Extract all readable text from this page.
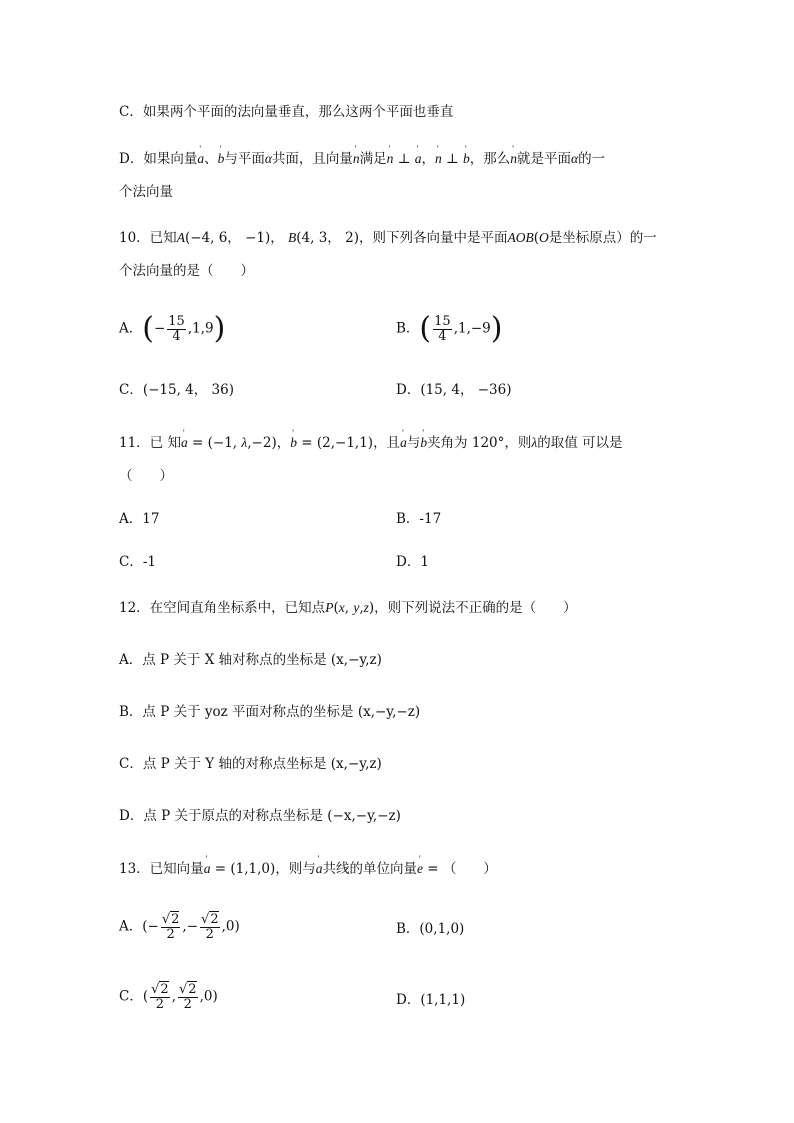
C．如果两个平面的法向量垂直，那么这两个平面也垂直
D．如果向量' a、' b与平面α共面，且向量' n满足' n ⊥ ' a，' n ⊥ ' b，那么' n就是平面α的一
个法向量
10．已知A(−4, 6， −1)， B(4, 3， 2)，则下列各向量中是平面AOB(O是坐标原点）的一
个法向量的是（　　）
A．(− $\frac{15}{4} ,1,9$)	B．( $\frac{15}{4} ,1,-9$)
C．(−15, 4， 36)	D．(15, 4， −36)
11．已 知' a = (−1, λ,−2)，' b = (2,−1,1)，且' a与' b夹角为 120°，则λ的取值 可以是
（　　）
A．17	B．-17
C．-1	D．1
12．在空间直角坐标系中，已知点P(x, y,z)，则下列说法不正确的是（　　）
A．点 P 关于 X 轴对称点的坐标是 (x,−y,z)
B．点 P 关于 yoz 平面对称点的坐标是 (x,−y,−z)
C．点 P 关于 Y 轴的对称点坐标是 (x,−y,z)
D．点 P 关于原点的对称点坐标是 (−x,−y,−z)
13．已知向量' a = (1,1,0)，则与' a共线的单位向量' e = （　　）
A．(− $\frac{√2}{2}$ ,− $\frac{√2}{2} ,0$)	B．(0,1,0)
C．( $\frac{√2}{2}$ , $\frac{√2}{2} ,0$)	D．(1,1,1)
